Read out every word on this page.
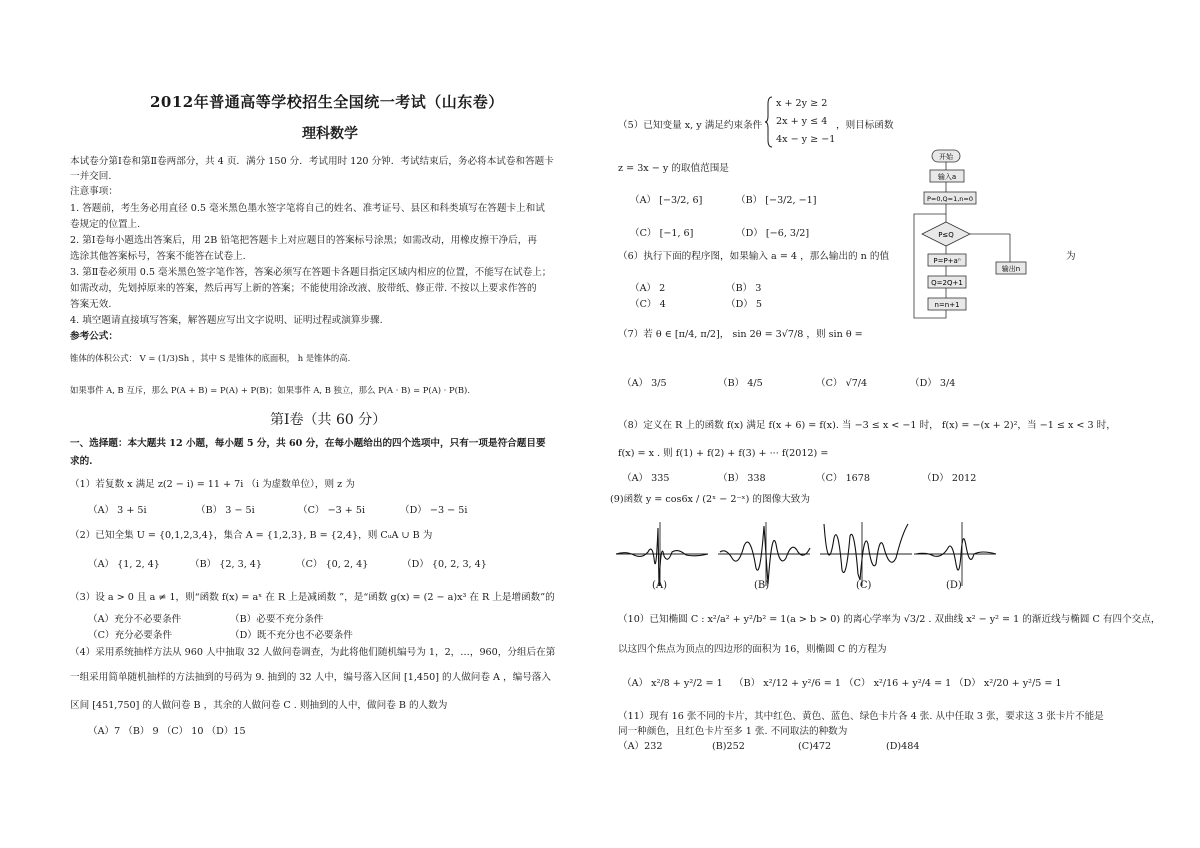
2012年普通高等学校招生全国统一考试（山东卷）
理科数学
本试卷分第Ⅰ卷和第Ⅱ卷两部分，共 4 页．满分 150 分．考试用时 120 分钟．考试结束后，务必将本试卷和答题卡
一并交回.
注意事项：
1. 答题前，考生务必用直径 0.5 毫米黑色墨水签字笔将自己的姓名、准考证号、县区和科类填写在答题卡上和试
卷规定的位置上.
2. 第Ⅰ卷每小题选出答案后，用 2B 铅笔把答题卡上对应题目的答案标号涂黑；如需改动，用橡皮擦干净后，再
选涂其他答案标号，答案不能答在试卷上.
3. 第Ⅱ卷必须用 0.5 毫米黑色签字笔作答，答案必须写在答题卡各题目指定区域内相应的位置，不能写在试卷上；
如需改动，先划掉原来的答案，然后再写上新的答案；不能使用涂改液、胶带纸、修正带. 不按以上要求作答的
答案无效.
4. 填空题请直接填写答案，解答题应写出文字说明、证明过程或演算步骤.
参考公式：
锥体的体积公式： V = (1/3)Sh ，其中 S 是锥体的底面积， h 是锥体的高.
如果事件 A, B 互斥，那么 P(A + B) = P(A) + P(B)；如果事件 A, B 独立，那么 P(A · B) = P(A) · P(B).
第Ⅰ卷（共 60 分）
一、选择题：本大题共 12 小题，每小题 5 分，共 60 分，在每小题给出的四个选项中，只有一项是符合题目要
求的.
（1）若复数 x 满足 z(2 − i) = 11 + 7i （i 为虚数单位），则 z 为
（A） 3 + 5i	（B） 3 − 5i	（C） −3 + 5i	（D） −3 − 5i
（2）已知全集 U = {0,1,2,3,4}，集合 A = {1,2,3}, B = {2,4}，则 CᵤA ∪ B 为
（A） {1, 2, 4}	（B） {2, 3, 4}	（C） {0, 2, 4}	（D） {0, 2, 3, 4}
（3）设 a > 0 且 a ≠ 1，则“函数 f(x) = aˣ 在 R 上是减函数 ”，是“函数 g(x) = (2 − a)x³ 在 R 上是增函数”的
（A）充分不必要条件	（B）必要不充分条件
（C）充分必要条件	（D）既不充分也不必要条件
（4）采用系统抽样方法从 960 人中抽取 32 人做问卷调查，为此将他们随机编号为 1，2，…，960，分组后在第
一组采用简单随机抽样的方法抽到的号码为 9. 抽到的 32 人中，编号落入区间 [1,450] 的人做问卷 A ，编号落入
区间 [451,750] 的人做问卷 B ，其余的人做问卷 C . 则抽到的人中，做问卷 B 的人数为
（A）7 （B） 9 （C） 10 （D）15
（5）已知变量 x, y 满足约束条件
x + 2y ≥ 2
2x + y ≤ 4
4x − y ≥ −1
，则目标函数
z = 3x − y 的取值范围是
（A） [−3/2, 6]	（B） [−3/2, −1]
（C） [−1, 6]	（D） [−6, 3/2]
（6）执行下面的程序图，如果输入 a = 4 ，那么输出的 n 的值	为
（A） 2	（B） 3
（C） 4	（D） 5
（7）若 θ ∈ [π/4, π/2]， sin 2θ = 3√7/8 ，则 sin θ =
（A） 3/5	（B） 4/5	（C） √7/4	（D） 3/4
（8）定义在 R 上的函数 f(x) 满足 f(x + 6) = f(x). 当 −3 ≤ x < −1 时， f(x) = −(x + 2)²，当 −1 ≤ x < 3 时，
f(x) = x . 则 f(1) + f(2) + f(3) + ··· f(2012) =
（A） 335	（B） 338	（C） 1678	（D） 2012
(9)函数 y = cos6x / (2ˣ − 2⁻ˣ) 的图像大致为
（10）已知椭圆 C : x²/a² + y²/b² = 1(a > b > 0) 的离心学率为 √3/2 . 双曲线 x² − y² = 1 的渐近线与椭圆 C 有四个交点，
以这四个焦点为顶点的四边形的面积为 16，则椭圆 C 的方程为
（A） x²/8 + y²/2 = 1 （B） x²/12 + y²/6 = 1 （C） x²/16 + y²/4 = 1 （D） x²/20 + y²/5 = 1
（11）现有 16 张不同的卡片，其中红色、黄色、蓝色、绿色卡片各 4 张. 从中任取 3 张，要求这 3 张卡片不能是
同一种颜色，且红色卡片至多 1 张. 不同取法的种数为
（A）232	(B)252	(C)472	(D)484
开始
输入a
P=0,Q=1,n=0
P≤Q
输出n
P=P+aⁿ
Q=2Q+1
n=n+1
(A)	(B)	(C)	(D)
